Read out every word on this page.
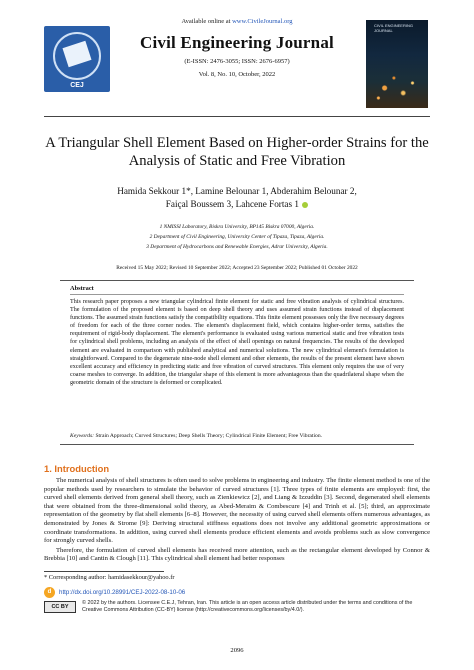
CEJ
Available online at www.CivileJournal.org
Civil Engineering Journal
(E-ISSN: 2476-3055; ISSN: 2676-6957)
Vol. 8, No. 10, October, 2022
CIVIL ENGINEERING JOURNAL
A Triangular Shell Element Based on Higher-order Strains for the Analysis of Static and Free Vibration
Hamida Sekkour 1*, Lamine Belounar 1, Abderahim Belounar 2,
Faiçal Boussem 3, Lahcene Fortas 1
1 NMISSI Laboratory, Biskra University, BP145 Biskra 07000, Algeria.
2 Department of Civil Engineering, University Center of Tipaza, Tipaza, Algeria.
3 Department of Hydrocarbons and Renewable Energies, Adrar University, Algeria.
Received 15 May 2022; Revised 10 September 2022; Accepted 23 September 2022; Published 01 October 2022
Abstract
This research paper proposes a new triangular cylindrical finite element for static and free vibration analysis of cylindrical structures. The formulation of the proposed element is based on deep shell theory and uses assumed strain functions instead of displacement functions. The assumed strain functions satisfy the compatibility equations. This finite element possesses only the five necessary degrees of freedom for each of the three corner nodes. The element's displacement field, which contains higher-order terms, satisfies the requirement of rigid-body displacement. The element's performance is evaluated using various numerical static and free vibration tests for cylindrical shell problems, including an analysis of the effect of shell openings on natural frequencies. The results of the developed element are evaluated in comparison with published analytical and numerical solutions. The new cylindrical element's formulation is straightforward. Compared to the degenerate nine-node shell element and other elements, the results of the present element have shown excellent accuracy and efficiency in predicting static and free vibration of curved structures. This element only requires the use of very coarse meshes to converge. In addition, the triangular shape of this element is more advantageous than the quadrilateral shape when the geometric domain of the structure is deformed or complicated.
Keywords: Strain Approach; Curved Structures; Deep Shells Theory; Cylindrical Finite Element; Free Vibration.
1. Introduction

The numerical analysis of shell structures is often used to solve problems in engineering and industry. The finite element method is one of the popular methods used by researchers to simulate the behavior of curved structures [1]. Three types of finite elements are employed: first, the curved shell elements derived from general shell theory, such as Zienkiewicz [2], and Liang & Izzuddin [3]. Second, degenerated shell elements that were obtained from the three-dimensional solid theory, as Abed-Meraim & Combescure [4] and Trinh et al. [5]; third, an approximate representation of the geometry by flat shell elements [6–8]. However, the necessity of using curved shell elements offers numerous advantages, as demonstrated by Jones & Strome [9]: Deriving structural stiffness equations does not involve any additional geometric approximations or coordinate transformations. In addition, using curved shell elements produce efficient elements and avoids problems such as slow convergence for strongly curved shells.

Therefore, the formulation of curved shell elements has received more attention, such as the rectangular element developed by Connor & Brebbia [10] and Cantin & Clough [11]. This cylindrical shell element had better responses

* Corresponding author: hamidasekkour@yahoo.fr
d http://dx.doi.org/10.28991/CEJ-2022-08-10-06
CC BY
© 2022 by the authors. Licensee C.E.J, Tehran, Iran. This article is an open access article distributed under the terms and conditions of the Creative Commons Attribution (CC-BY) license (http://creativecommons.org/licenses/by/4.0/).
2096
